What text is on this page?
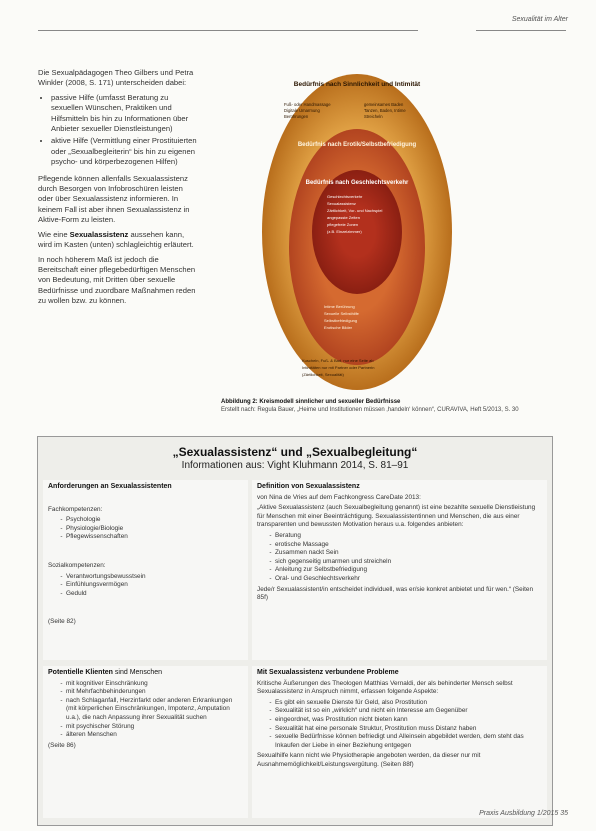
Sexualität im Alter

Die Sexualpädagogen Theo Gilbers und Petra Winkler (2008, S. 171) unterscheiden dabei:

• passive Hilfe (umfasst Beratung zu sexuellen Wünschen, Praktiken und Hilfsmitteln bis hin zu Informationen über Anbieter sexueller Dienstleistungen)
• aktive Hilfe (Vermittlung einer Prostituierten oder „Sexualbegleiterin“ bis hin zu eigenen psycho- und körperbezogenen Hilfen)

Pflegende können allenfalls Sexualassistenz durch Besorgen von Infobroschüren leisten oder über Sexualassistenz informieren. In keinem Fall ist aber ihnen Sexualassistenz in Aktive-Form zu leisten.

Wie eine Sexualassistenz aussehen kann, wird im Kasten (unten) schlagleichtig erläutert.

In noch höherem Maß ist jedoch die Bereitschaft einer pflegebedürftigen Menschen von Bedeutung, mit Dritten über sexuelle Bedürfnisse und zuordbare Maßnahmen reden zu wollen bzw. zu können.

Bedürfnis nach Sinnlichkeit und Intimität
Fuß- oder Handmassage
Digitale Umarmung
Berührungen
gemeinsames Baden
Tanzen, Baden, Intime
Streicheln
Bedürfnis nach Erotik/Selbstbefriedigung
Bedürfnis nach Geschlechtsverkehr
Geschlechtsverkehr
Sexualassistenz
Zärtlichkeit, Vor- und Nachspiel
angepasste Zeiten
pflegefreie Zonen
(z.B. Einzelzimmer)
Intime Berührung
Sexuelle Selbsthilfe
Selbstbefriedigung
Erotische Bilder
Kuscheln, Fuß- & Bad, nur eine Seite ab
Intimitäten nur mit Partner oder Partnerin
(Zärtlichkeit, Sexualität)
Abbildung 2: Kreismodell sinnlicher und sexueller Bedürfnisse
Erstellt nach: Regula Bauer, „Heime und Institutionen müssen ‚handeln‘ können“, CURAVIVA, Heft 5/2013, S. 30
„Sexualassistenz“ und „Sexualbegleitung“
Informationen aus: Vight Kluhmann 2014, S. 81–91
Anforderungen an Sexualassistenten

Fachkompetenzen:

- Psychologie
- Physiologie/Biologie
- Pflegewissenschaften

Sozialkompetenzen:

- Verantwortungsbewusstsein
- Einfühlungsvermögen
- Geduld

(Seite 82)

Definition von Sexualassistenz

von Nina de Vries auf dem Fachkongress CareDate 2013:

„Aktive Sexualassistenz (auch Sexualbegleitung genannt) ist eine bezahlte sexuelle Dienstleistung für Menschen mit einer Beeinträchtigung. Sexualassistentinnen und Menschen, die aus einer transparenten und bewussten Motivation heraus u.a. folgendes anbieten:

- Beratung
- erotische Massage
- Zusammen nackt Sein
- sich gegenseitig umarmen und streicheln
- Anleitung zur Selbstbefriedigung
- Oral- und Geschlechtsverkehr

Jede/r Sexualassistent/in entscheidet individuell, was er/sie konkret anbietet und für wen.“ (Seiten 85f)

Potentielle Klienten sind Menschen
- mit kognitiver Einschränkung
- mit Mehrfachbehinderungen
- nach Schlaganfall, Herzinfarkt oder anderen Erkrankungen (mit körperlichen Einschränkungen, Impotenz, Amputation u.a.), die nach Anpassung ihrer Sexualität suchen
- mit psychischer Störung
- älteren Menschen

(Seite 86)

Mit Sexualassistenz verbundene Probleme

Kritische Äußerungen des Theologen Matthias Vernaldi, der als behinderter Mensch selbst Sexualassistenz in Anspruch nimmt, erfassen folgende Aspekte:

- Es gibt ein sexuelle Dienste für Geld, also Prostitution
- Sexualität ist so ein „wirklich“ und nicht ein Interesse am Gegenüber
- eingeordnet, was Prostitution nicht bieten kann
- Sexualität hat eine personale Struktur, Prostitution muss Distanz haben
- sexuelle Bedürfnisse können befriedigt und Alleinsein abgebildet werden, dem steht das Inkaufen der Liebe in einer Beziehung entgegen

Sexualhilfe kann nicht wie Physiotherapie angeboten werden, da dieser nur mit Ausnahmemöglichkeit/Leistungsvergütung. (Seiten 88f)

Praxis Ausbildung 1/2015 35
